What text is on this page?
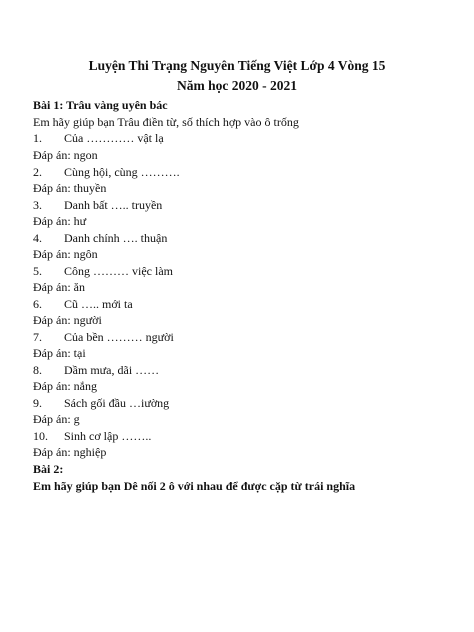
Luyện Thi Trạng Nguyên Tiếng Việt Lớp 4 Vòng 15
Năm học 2020 - 2021
Bài 1: Trâu vàng uyên bác
Em hãy giúp bạn Trâu điền từ, số thích hợp vào ô trống
1. Của ………… vật lạ
Đáp án: ngon
2. Cùng hội, cùng ……….
Đáp án: thuyền
3. Danh bất ….. truyền
Đáp án: hư
4. Danh chính …. thuận
Đáp án: ngôn
5. Công ……… việc làm
Đáp án: ăn
6. Cũ ….. mới ta
Đáp án: người
7. Của bền ……… người
Đáp án: tại
8. Dầm mưa, dãi ……
Đáp án: nắng
9. Sách gối đầu …iường
Đáp án: g
10. Sinh cơ lập ……..
Đáp án: nghiệp
Bài 2:
Em hãy giúp bạn Dê nối 2 ô với nhau để được cặp từ trái nghĩa
